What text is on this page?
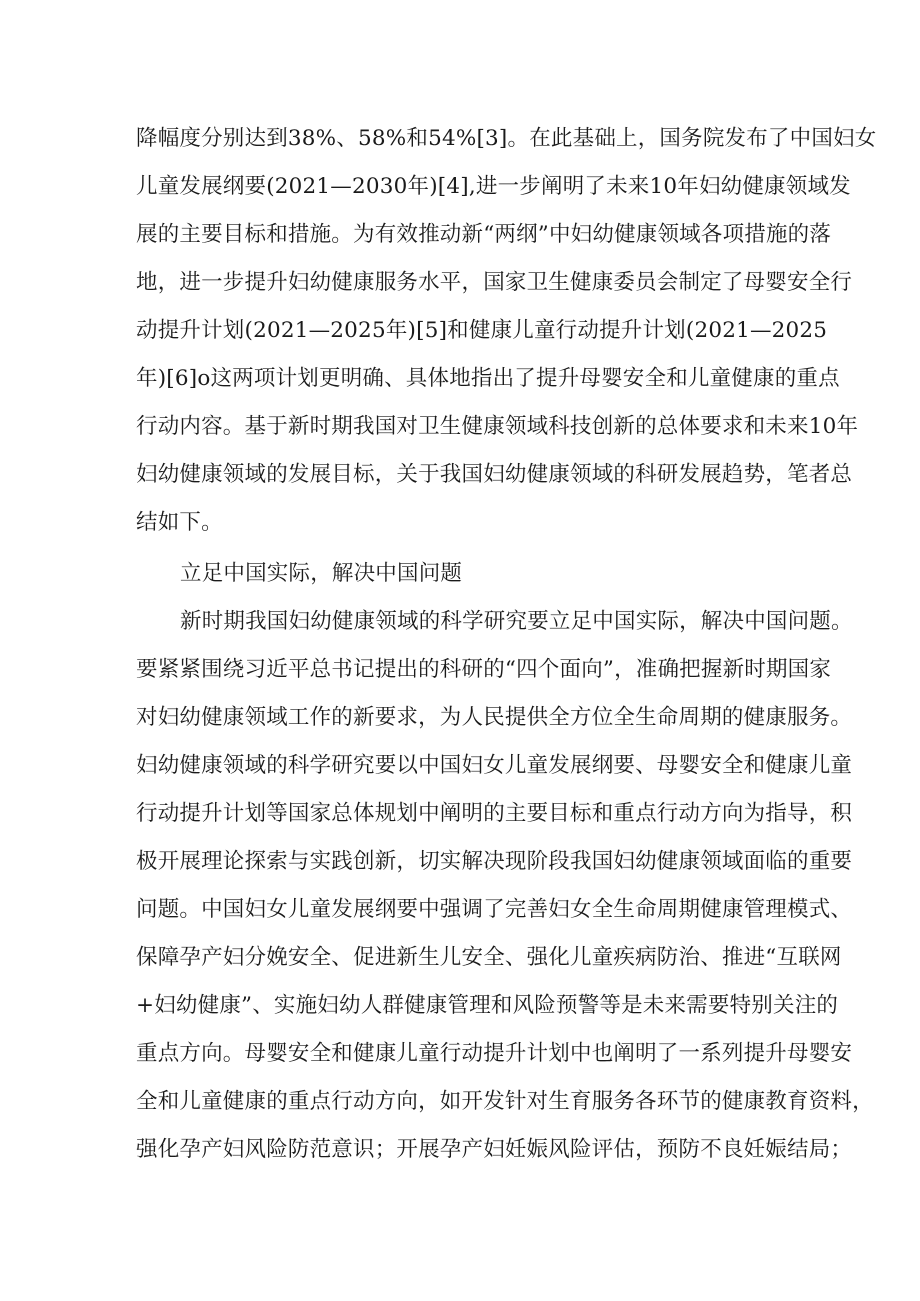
降幅度分别达到38%、58%和54%[3]。在此基础上，国务院发布了中国妇女
儿童发展纲要(2021—2030年)[4],进一步阐明了未来10年妇幼健康领域发
展的主要目标和措施。为有效推动新“两纲”中妇幼健康领域各项措施的落
地，进一步提升妇幼健康服务水平，国家卫生健康委员会制定了母婴安全行
动提升计划(2021—2025年)[5]和健康儿童行动提升计划(2021—2025
年)[6]o这两项计划更明确、具体地指出了提升母婴安全和儿童健康的重点
行动内容。基于新时期我国对卫生健康领域科技创新的总体要求和未来10年
妇幼健康领域的发展目标，关于我国妇幼健康领域的科研发展趋势，笔者总
结如下。
立足中国实际，解决中国问题
新时期我国妇幼健康领域的科学研究要立足中国实际，解决中国问题。
要紧紧围绕习近平总书记提出的科研的“四个面向”，准确把握新时期国家
对妇幼健康领域工作的新要求，为人民提供全方位全生命周期的健康服务。
妇幼健康领域的科学研究要以中国妇女儿童发展纲要、母婴安全和健康儿童
行动提升计划等国家总体规划中阐明的主要目标和重点行动方向为指导，积
极开展理论探索与实践创新，切实解决现阶段我国妇幼健康领域面临的重要
问题。中国妇女儿童发展纲要中强调了完善妇女全生命周期健康管理模式、
保障孕产妇分娩安全、促进新生儿安全、强化儿童疾病防治、推进“互联网
+妇幼健康”、实施妇幼人群健康管理和风险预警等是未来需要特别关注的
重点方向。母婴安全和健康儿童行动提升计划中也阐明了一系列提升母婴安
全和儿童健康的重点行动方向，如开发针对生育服务各环节的健康教育资料，
强化孕产妇风险防范意识；开展孕产妇妊娠风险评估，预防不良妊娠结局；
